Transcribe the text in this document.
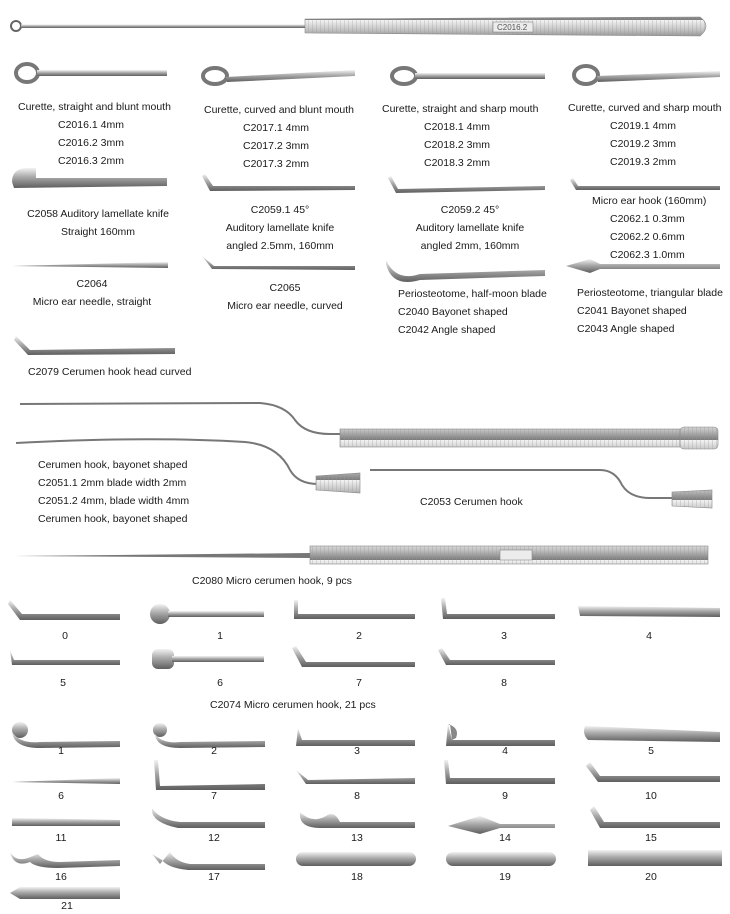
Curette, straight and blunt mouth
C2016.1 4mm
C2016.2 3mm
C2016.3 2mm
Curette, curved and blunt mouth
C2017.1 4mm
C2017.2 3mm
C2017.3 2mm
Curette, straight and sharp mouth
C2018.1 4mm
C2018.2 3mm
C2018.3 2mm
Curette, curved and sharp mouth
C2019.1 4mm
C2019.2 3mm
C2019.3 2mm
C2058 Auditory lamellate knife
Straight 160mm
C2059.1 45°
Auditory lamellate knife
angled 2.5mm, 160mm
C2059.2 45°
Auditory lamellate knife
angled 2mm, 160mm
Micro ear hook (160mm)
C2062.1 0.3mm
C2062.2 0.6mm
C2062.3 1.0mm
C2064
Micro ear needle, straight
C2065
Micro ear needle, curved
Periosteotome, half-moon blade
C2040 Bayonet shaped
C2042 Angle shaped
Periosteotome, triangular blade
C2041 Bayonet shaped
C2043 Angle shaped
C2079 Cerumen hook head curved
Cerumen hook, bayonet shaped
C2051.1 2mm blade width 2mm
C2051.2 4mm, blade width 4mm
Cerumen hook, bayonet shaped
C2053 Cerumen hook
C2016.2
C2080 Micro cerumen hook, 9 pcs
0	1	2	3	4
5	6	7	8
C2074 Micro cerumen hook, 21 pcs
1	2	3	4	5
6	7	8	9	10
11	12	13	14	15
16	17	18	19	20
21
